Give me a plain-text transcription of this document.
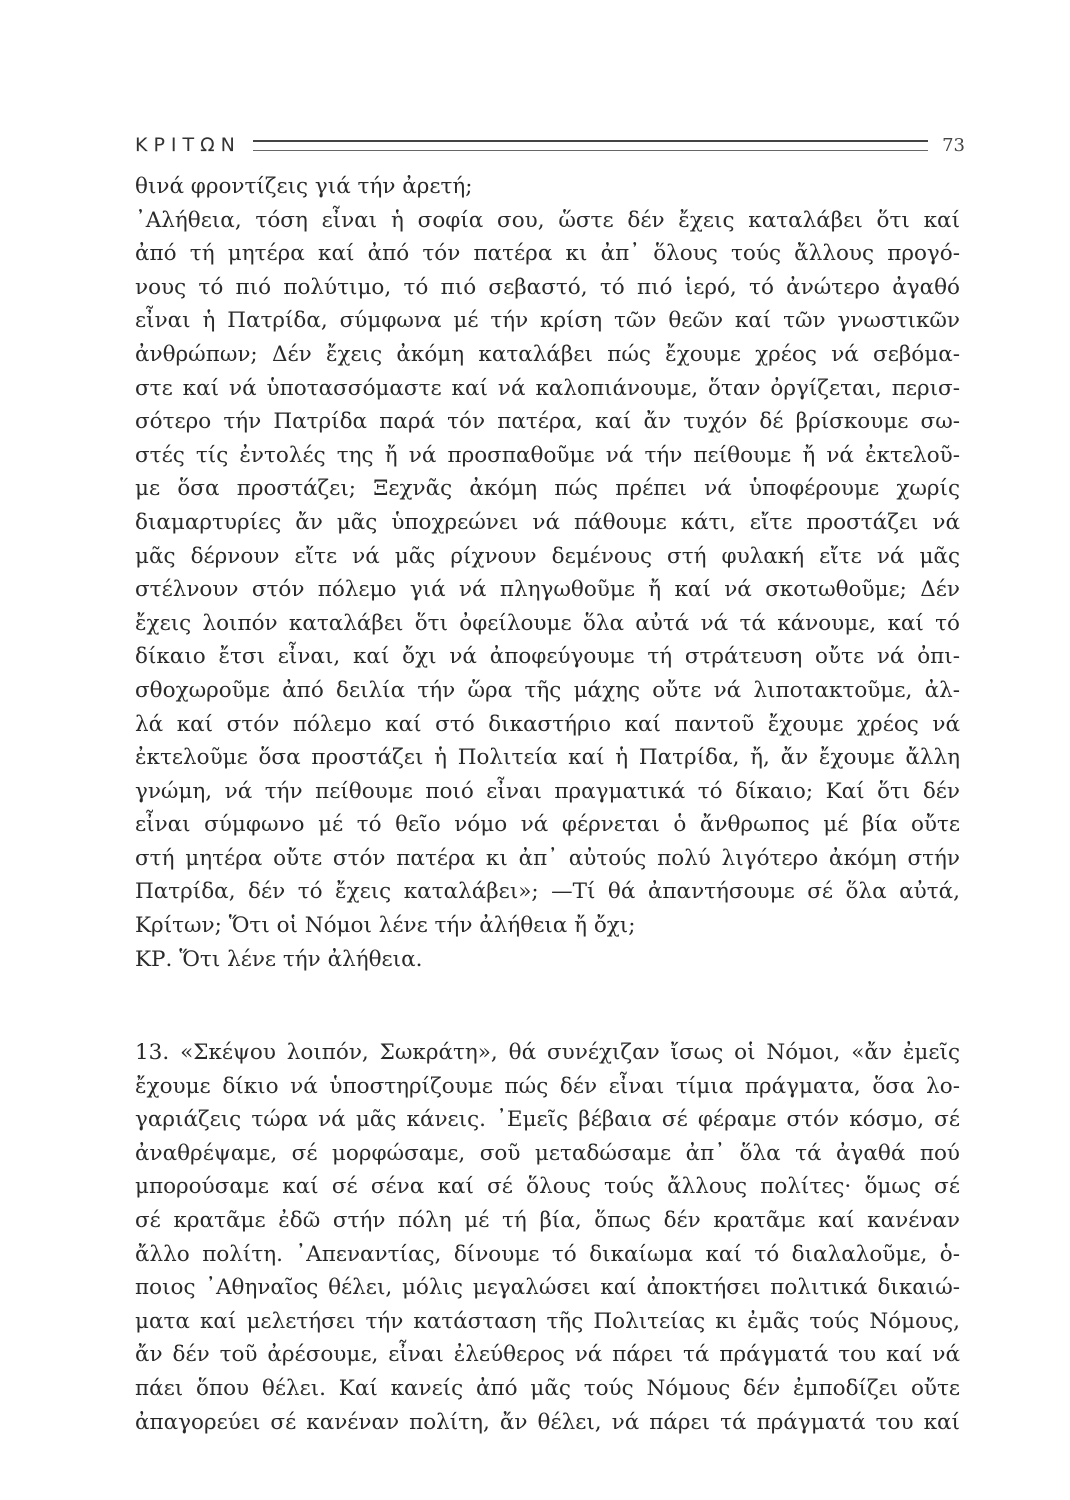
ΚΡΙΤΩΝ	73
θινά φροντίζεις γιά τήν ἀρετή;
᾿Αλήθεια, τόση εἶναι ἡ σοφία σου, ὥστε δέν ἔχεις καταλάβει ὅτι καί
ἀπό τή μητέρα καί ἀπό τόν πατέρα κι ἀπ᾿ ὅλους τούς ἄλλους προγό-
νους τό πιό πολύτιμο, τό πιό σεβαστό, τό πιό ἱερό, τό ἀνώτερο ἀγαθό
εἶναι ἡ Πατρίδα, σύμφωνα μέ τήν κρίση τῶν θεῶν καί τῶν γνωστικῶν
ἀνθρώπων; Δέν ἔχεις ἀκόμη καταλάβει πώς ἔχουμε χρέος νά σεβόμα-
στε καί νά ὑποτασσόμαστε καί νά καλοπιάνουμε, ὅταν ὀργίζεται, περισ-
σότερο τήν Πατρίδα παρά τόν πατέρα, καί ἄν τυχόν δέ βρίσκουμε σω-
στές τίς ἐντολές της ἤ νά προσπαθοῦμε νά τήν πείθουμε ἤ νά ἐκτελοῦ-
με ὅσα προστάζει; Ξεχνᾶς ἀκόμη πώς πρέπει νά ὑποφέρουμε χωρίς
διαμαρτυρίες ἄν μᾶς ὑποχρεώνει νά πάθουμε κάτι, εἴτε προστάζει νά
μᾶς δέρνουν εἴτε νά μᾶς ρίχνουν δεμένους στή φυλακή εἴτε νά μᾶς
στέλνουν στόν πόλεμο γιά νά πληγωθοῦμε ἤ καί νά σκοτωθοῦμε; Δέν
ἔχεις λοιπόν καταλάβει ὅτι ὀφείλουμε ὅλα αὐτά νά τά κάνουμε, καί τό
δίκαιο ἔτσι εἶναι, καί ὄχι νά ἀποφεύγουμε τή στράτευση οὔτε νά ὀπι-
σθοχωροῦμε ἀπό δειλία τήν ὥρα τῆς μάχης οὔτε νά λιποτακτοῦμε, ἀλ-
λά καί στόν πόλεμο καί στό δικαστήριο καί παντοῦ ἔχουμε χρέος νά
ἐκτελοῦμε ὅσα προστάζει ἡ Πολιτεία καί ἡ Πατρίδα, ἤ, ἄν ἔχουμε ἄλλη
γνώμη, νά τήν πείθουμε ποιό εἶναι πραγματικά τό δίκαιο; Καί ὅτι δέν
εἶναι σύμφωνο μέ τό θεῖο νόμο νά φέρνεται ὁ ἄνθρωπος μέ βία οὔτε
στή μητέρα οὔτε στόν πατέρα κι ἀπ᾿ αὐτούς πολύ λιγότερο ἀκόμη στήν
Πατρίδα, δέν τό ἔχεις καταλάβει»; —Τί θά ἀπαντήσουμε σέ ὅλα αὐτά,
Κρίτων; Ὅτι οἱ Νόμοι λένε τήν ἀλήθεια ἤ ὄχι;
ΚΡ. Ὅτι λένε τήν ἀλήθεια.
13. «Σκέψου λοιπόν, Σωκράτη», θά συνέχιζαν ἴσως οἱ Νόμοι, «ἄν ἐμεῖς
ἔχουμε δίκιο νά ὑποστηρίζουμε πώς δέν εἶναι τίμια πράγματα, ὅσα λο-
γαριάζεις τώρα νά μᾶς κάνεις. ᾿Εμεῖς βέβαια σέ φέραμε στόν κόσμο, σέ
ἀναθρέψαμε, σέ μορφώσαμε, σοῦ μεταδώσαμε ἀπ᾿ ὅλα τά ἀγαθά πού
μπορούσαμε καί σέ σένα καί σέ ὅλους τούς ἄλλους πολίτες· ὅμως σέ
σέ κρατᾶμε ἐδῶ στήν πόλη μέ τή βία, ὅπως δέν κρατᾶμε καί κανέναν
ἄλλο πολίτη. ᾿Απεναντίας, δίνουμε τό δικαίωμα καί τό διαλαλοῦμε, ὁ-
ποιος ᾿Αθηναῖος θέλει, μόλις μεγαλώσει καί ἀποκτήσει πολιτικά δικαιώ-
ματα καί μελετήσει τήν κατάσταση τῆς Πολιτείας κι ἐμᾶς τούς Νόμους,
ἄν δέν τοῦ ἀρέσουμε, εἶναι ἐλεύθερος νά πάρει τά πράγματά του καί νά
πάει ὅπου θέλει. Καί κανείς ἀπό μᾶς τούς Νόμους δέν ἐμποδίζει οὔτε
ἀπαγορεύει σέ κανέναν πολίτη, ἄν θέλει, νά πάρει τά πράγματά του καί
